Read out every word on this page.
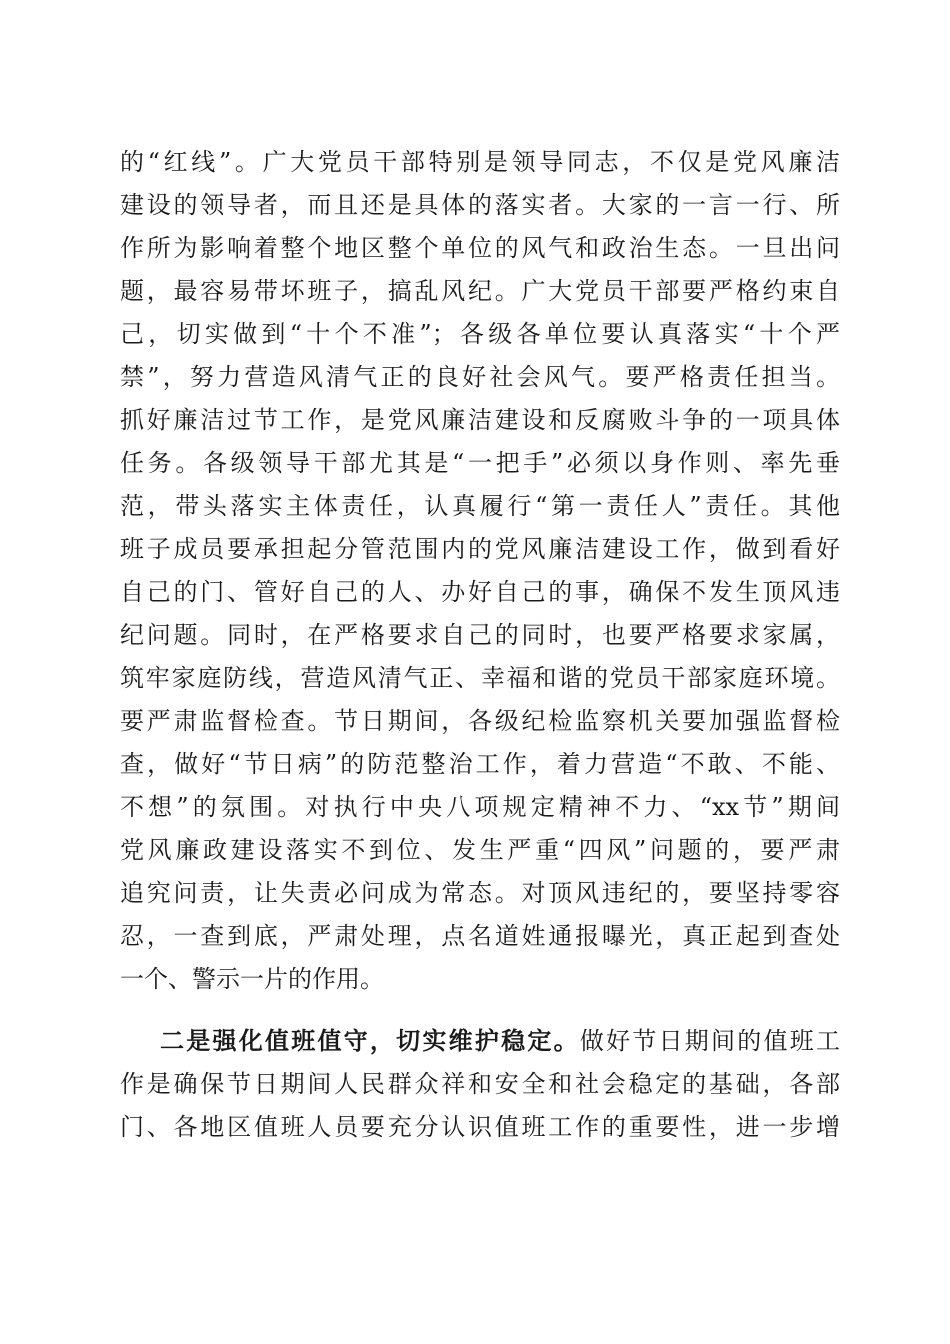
的“红线”。广大党员干部特别是领导同志，不仅是党风廉洁
建设的领导者，而且还是具体的落实者。大家的一言一行、所
作所为影响着整个地区整个单位的风气和政治生态。一旦出问
题，最容易带坏班子，搞乱风纪。广大党员干部要严格约束自
己，切实做到“十个不准”；各级各单位要认真落实“十个严
禁”，努力营造风清气正的良好社会风气。要严格责任担当。
抓好廉洁过节工作，是党风廉洁建设和反腐败斗争的一项具体
任务。各级领导干部尤其是“一把手”必须以身作则、率先垂
范，带头落实主体责任，认真履行“第一责任人”责任。其他
班子成员要承担起分管范围内的党风廉洁建设工作，做到看好
自己的门、管好自己的人、办好自己的事，确保不发生顶风违
纪问题。同时，在严格要求自己的同时，也要严格要求家属，
筑牢家庭防线，营造风清气正、幸福和谐的党员干部家庭环境。
要严肃监督检查。节日期间，各级纪检监察机关要加强监督检
查，做好“节日病”的防范整治工作，着力营造“不敢、不能、
不想”的氛围。对执行中央八项规定精神不力、“xx节”期间
党风廉政建设落实不到位、发生严重“四风”问题的，要严肃
追究问责，让失责必问成为常态。对顶风违纪的，要坚持零容
忍，一查到底，严肃处理，点名道姓通报曝光，真正起到查处
一个、警示一片的作用。
二是强化值班值守，切实维护稳定。做好节日期间的值班工
作是确保节日期间人民群众祥和安全和社会稳定的基础，各部
门、各地区值班人员要充分认识值班工作的重要性，进一步增
